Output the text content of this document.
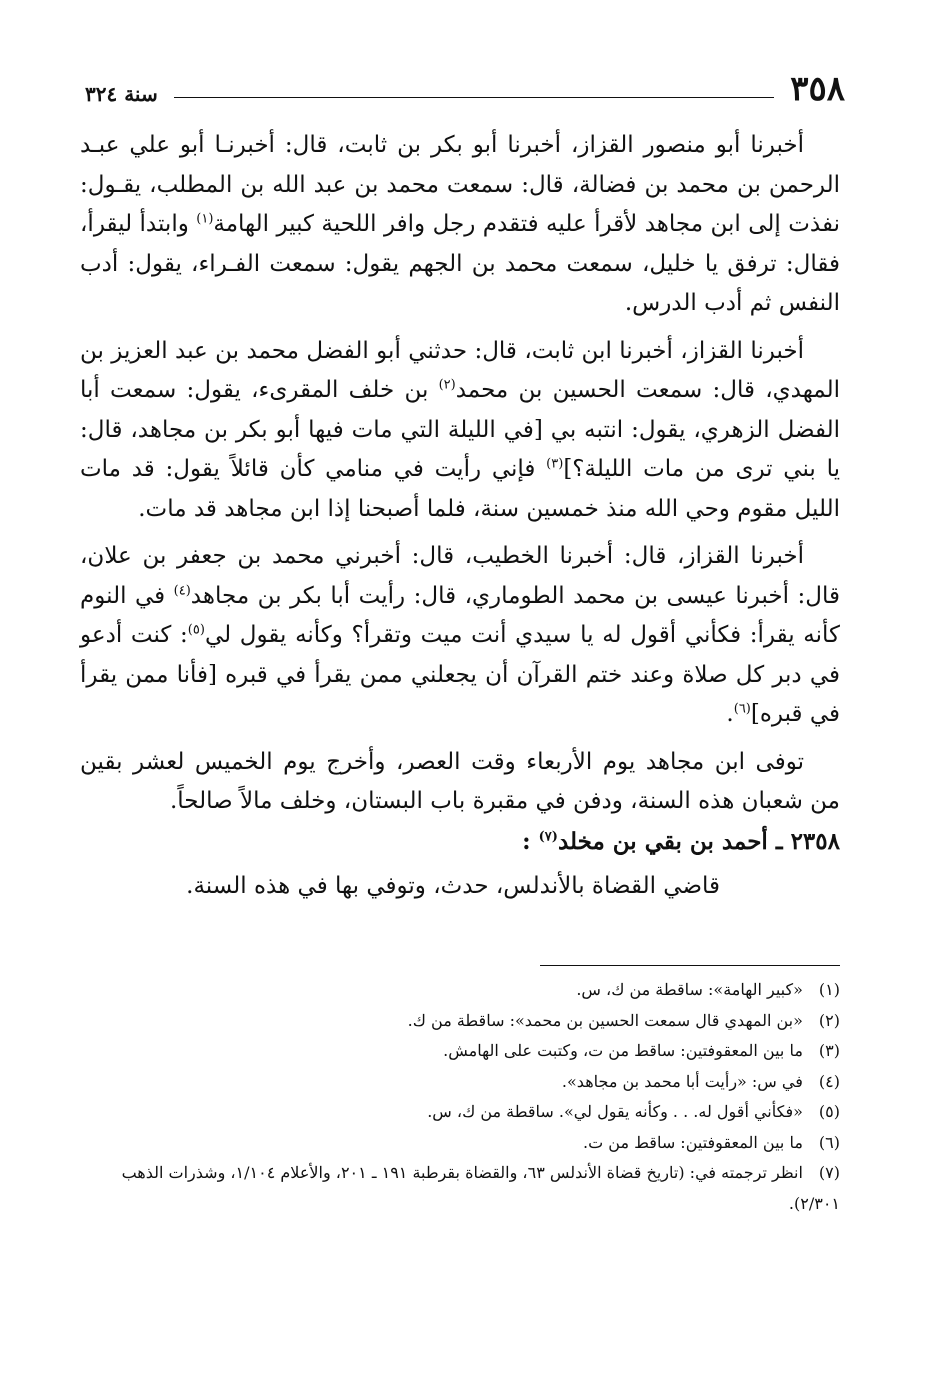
٣٥٨
سنة ٣٢٤

أخبرنا أبو منصور القزاز، أخبرنا أبو بكر بن ثابت، قال: أخبرنـا أبو علي عبـد الرحمن بن محمد بن فضالة، قال: سمعت محمد بن عبد الله بن المطلب، يقـول: نفذت إلى ابن مجاهد لأقرأ عليه فتقدم رجل وافر اللحية كبير الهامة$^{(١)}$ وابتدأ ليقرأ، فقال: ترفق يا خليل، سمعت محمد بن الجهم يقول: سمعت الفـراء، يقول: أدب النفس ثم أدب الدرس.

أخبرنا القزاز، أخبرنا ابن ثابت، قال: حدثني أبو الفضل محمد بن عبد العزيز بن المهدي، قال: سمعت الحسين بن محمد$^{(٢)}$ بن خلف المقرىء، يقول: سمعت أبا الفضل الزهري، يقول: انتبه بي [في الليلة التي مات فيها أبو بكر بن مجاهد، قال: يا بني ترى من مات الليلة؟]$^{(٣)}$ فإني رأيت في منامي كأن قائلاً يقول: قد مات الليل مقوم وحي الله منذ خمسين سنة، فلما أصبحنا إذا ابن مجاهد قد مات.

أخبرنا القزاز، قال: أخبرنا الخطيب، قال: أخبرني محمد بن جعفر بن علان، قال: أخبرنا عيسى بن محمد الطوماري، قال: رأيت أبا بكر بن مجاهد$^{(٤)}$ في النوم كأنه يقرأ: فكأني أقول له يا سيدي أنت ميت وتقرأ؟ وكأنه يقول لي$^{(٥)}$: كنت أدعو في دبر كل صلاة وعند ختم القرآن أن يجعلني ممن يقرأ في قبره [فأنا ممن يقرأ في قبره]$^{(٦)}$.

توفى ابن مجاهد يوم الأربعاء وقت العصر، وأخرج يوم الخميس لعشر بقين من شعبان هذه السنة، ودفن في مقبرة باب البستان، وخلف مالاً صالحاً.

٢٣٥٨ ـ أحمد بن بقي بن مخلد$^{(٧)}$ :

قاضي القضاة بالأندلس، حدث، وتوفي بها في هذه السنة.

(١) «كبير الهامة»: ساقطة من ك، س.

(٢) «بن المهدي قال سمعت الحسين بن محمد»: ساقطة من ك.

(٣) ما بين المعقوفتين: ساقط من ت، وكتبت على الهامش.

(٤) في س: «رأيت أبا محمد بن مجاهد».

(٥) «فكأني أقول له. . . وكأنه يقول لي». ساقطة من ك، س.

(٦) ما بين المعقوفتين: ساقط من ت.

(٧) انظر ترجمته في: (تاريخ قضاة الأندلس ٦٣، والقضاة بقرطبة ١٩١ ـ ٢٠١، والأعلام ١/١٠٤، وشذرات الذهب ٢/٣٠١).
